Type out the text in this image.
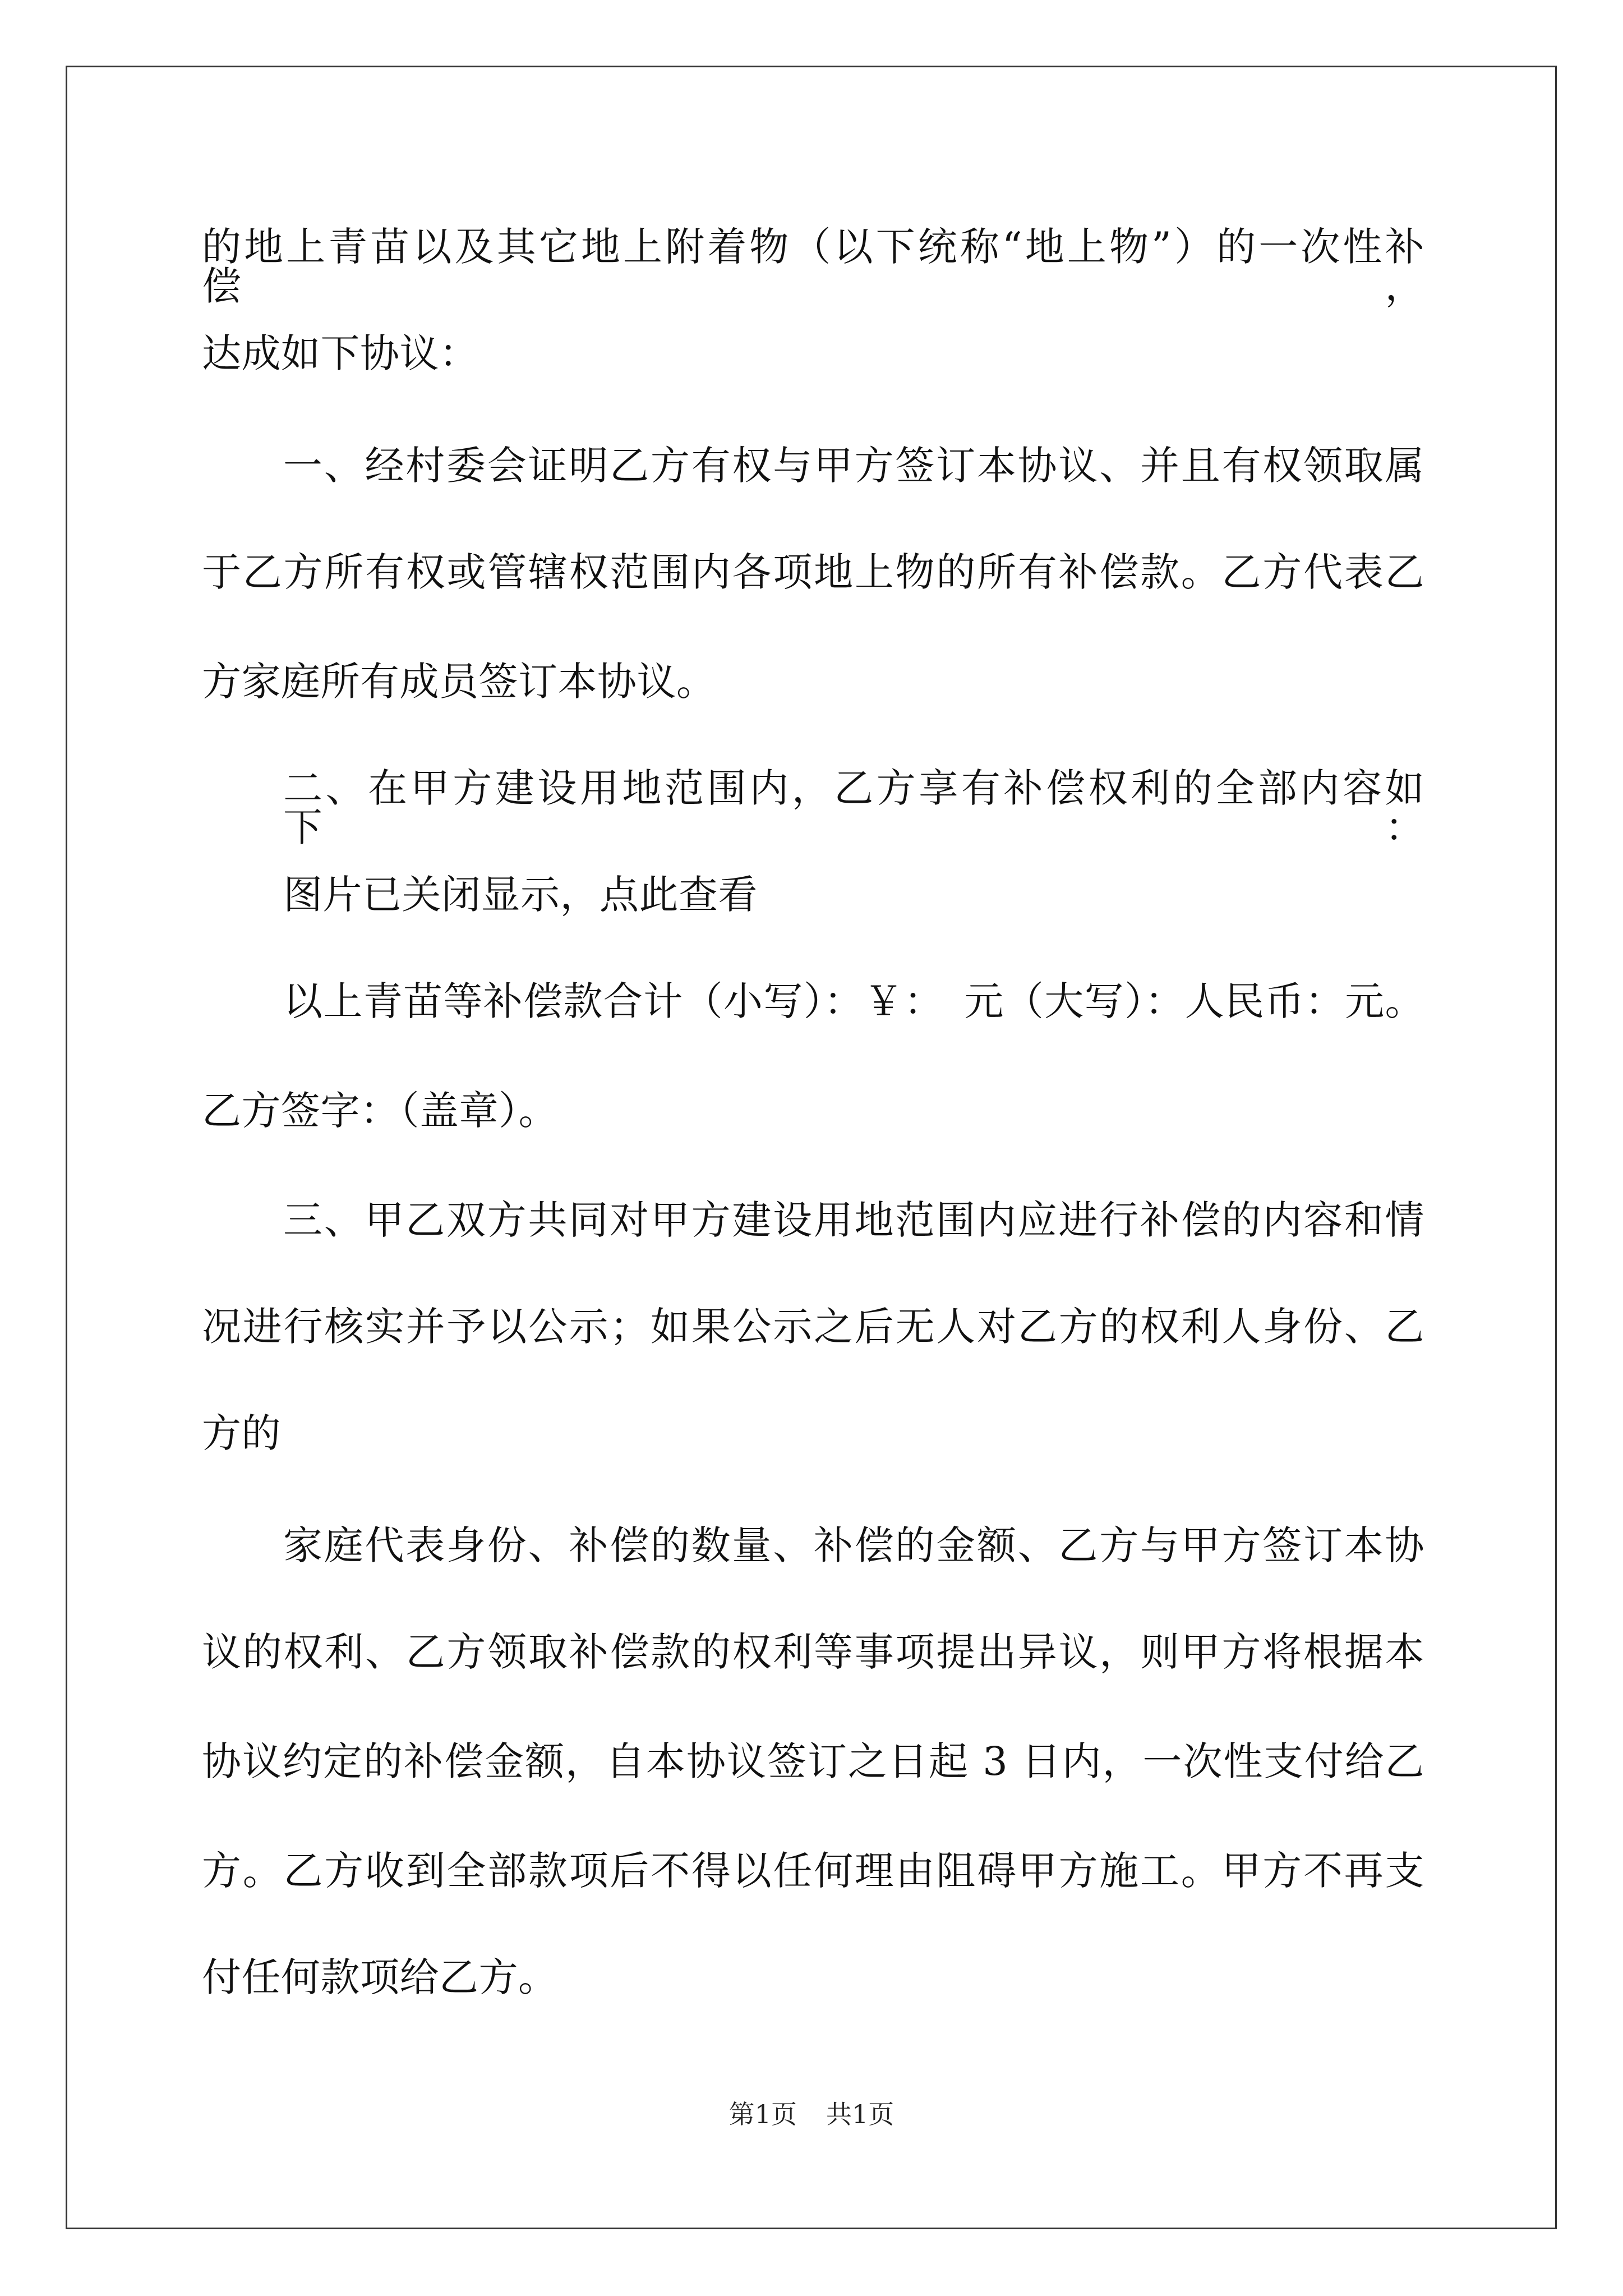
的地上青苗以及其它地上附着物（以下统称“地上物”）的一次性补偿，

达成如下协议：

一、经村委会证明乙方有权与甲方签订本协议、并且有权领取属

于乙方所有权或管辖权范围内各项地上物的所有补偿款。乙方代表乙

方家庭所有成员签订本协议。

二、在甲方建设用地范围内，乙方享有补偿权利的全部内容如下：

图片已关闭显示，点此查看

以上青苗等补偿款合计（小写）：￥：　元（大写）：人民币：元。

乙方签字：（盖章）。

三、甲乙双方共同对甲方建设用地范围内应进行补偿的内容和情

况进行核实并予以公示；如果公示之后无人对乙方的权利人身份、乙

方的

家庭代表身份、补偿的数量、补偿的金额、乙方与甲方签订本协

议的权利、乙方领取补偿款的权利等事项提出异议，则甲方将根据本

协议约定的补偿金额，自本协议签订之日起 3 日内，一次性支付给乙

方。乙方收到全部款项后不得以任何理由阻碍甲方施工。甲方不再支

付任何款项给乙方。

第1页 共1页
